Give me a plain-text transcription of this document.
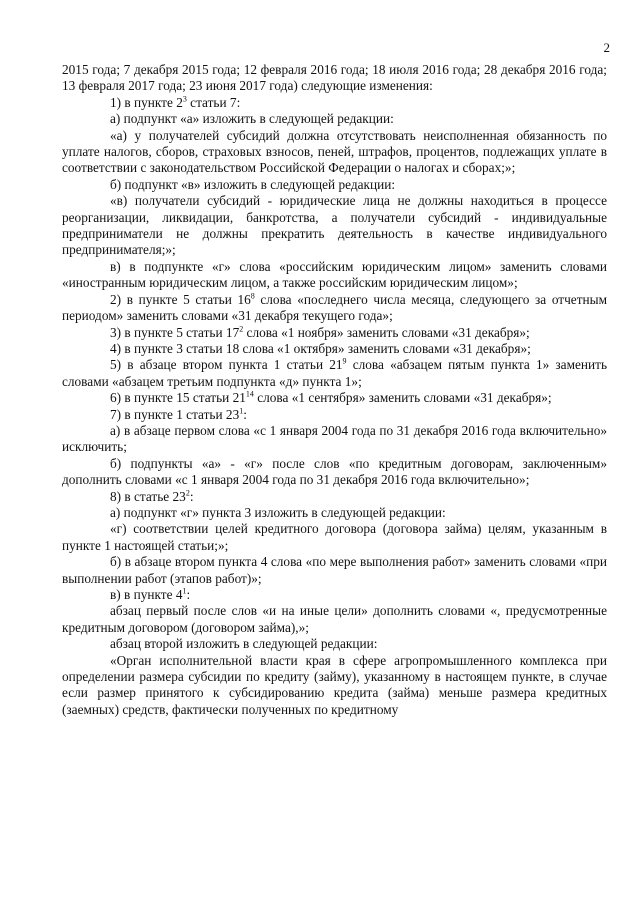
2

2015 года; 7 декабря 2015 года; 12 февраля 2016 года; 18 июля 2016 года; 28 декабря 2016 года; 13 февраля 2017 года; 23 июня 2017 года) следующие изменения:

1) в пункте $2^3$ статьи 7:

а) подпункт «а» изложить в следующей редакции:

«а) у получателей субсидий должна отсутствовать неисполненная обязанность по уплате налогов, сборов, страховых взносов, пеней, штрафов, процентов, подлежащих уплате в соответствии с законодательством Российской Федерации о налогах и сборах;»;

б) подпункт «в» изложить в следующей редакции:

«в) получатели субсидий - юридические лица не должны находиться в процессе реорганизации, ликвидации, банкротства, а получатели субсидий - индивидуальные предприниматели не должны прекратить деятельность в качестве индивидуального предпринимателя;»;

в) в подпункте «г» слова «российским юридическим лицом» заменить словами «иностранным юридическим лицом, а также российским юридическим лицом»;

2) в пункте 5 статьи $16^8$ слова «последнего числа месяца, следующего за отчетным периодом» заменить словами «31 декабря текущего года»;

3) в пункте 5 статьи $17^2$ слова «1 ноября» заменить словами «31 декабря»;

4) в пункте 3 статьи 18 слова «1 октября» заменить словами «31 декабря»;

5) в абзаце втором пункта 1 статьи $21^9$ слова «абзацем пятым пункта 1» заменить словами «абзацем третьим подпункта «д» пункта 1»;

6) в пункте 15 статьи $21^{14}$ слова «1 сентября» заменить словами «31 декабря»;

7) в пункте 1 статьи $23^1$:

а) в абзаце первом слова «с 1 января 2004 года по 31 декабря 2016 года включительно» исключить;

б) подпункты «а» - «г» после слов «по кредитным договорам, заключенным» дополнить словами «с 1 января 2004 года по 31 декабря 2016 года включительно»;

8) в статье $23^2$:

а) подпункт «г» пункта 3 изложить в следующей редакции:

«г) соответствии целей кредитного договора (договора займа) целям, указанным в пункте 1 настоящей статьи;»;

б) в абзаце втором пункта 4 слова «по мере выполнения работ» заменить словами «при выполнении работ (этапов работ)»;

в) в пункте $4^1$:

абзац первый после слов «и на иные цели» дополнить словами «, предусмотренные кредитным договором (договором займа),»;

абзац второй изложить в следующей редакции:

«Орган исполнительной власти края в сфере агропромышленного комплекса при определении размера субсидии по кредиту (займу), указанному в настоящем пункте, в случае если размер принятого к субсидированию кредита (займа) меньше размера кредитных (заемных) средств, фактически полученных по кредитному
